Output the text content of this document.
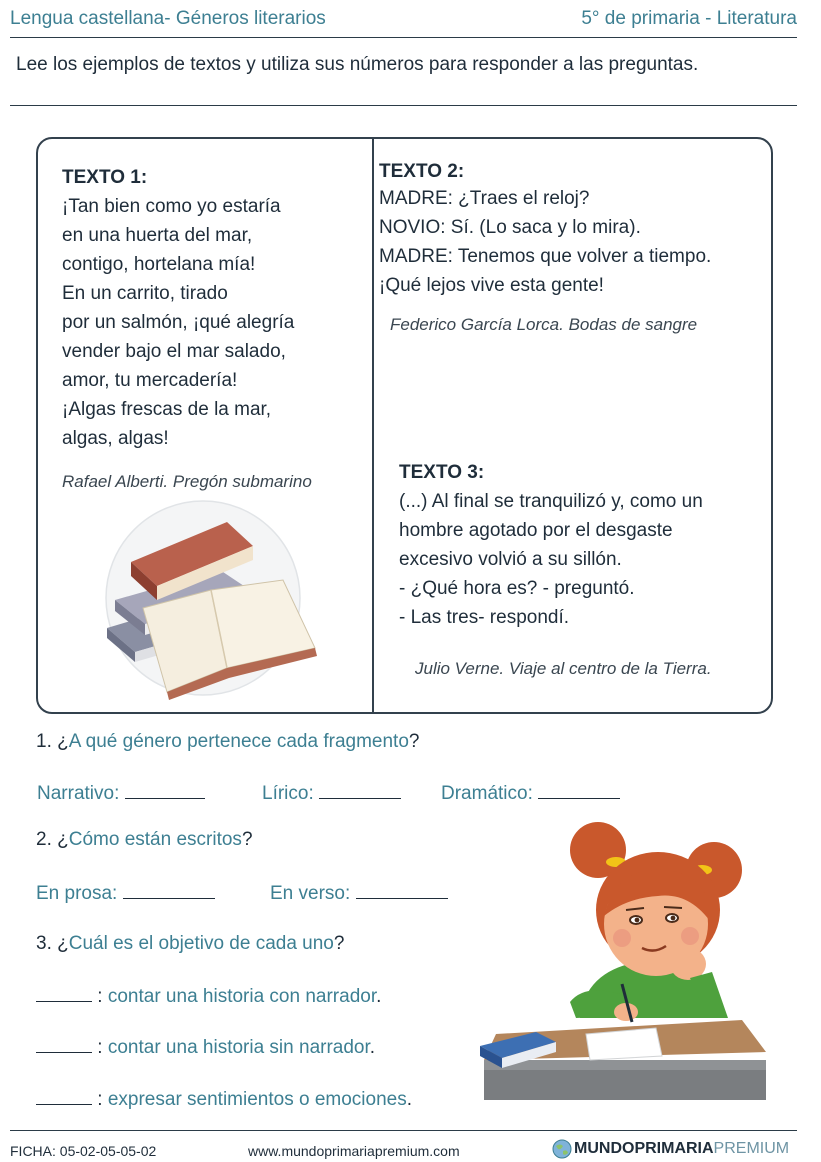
Lengua castellana- Géneros literarios	5° de primaria - Literatura
Lee los ejemplos de textos y utiliza sus números para responder a las preguntas.
TEXTO 1:
¡Tan bien como yo estaría
en una huerta del mar,
contigo, hortelana mía!
En un carrito, tirado
por un salmón, ¡qué alegría
vender bajo el mar salado,
amor, tu mercadería!
¡Algas frescas de la mar,
algas, algas!
Rafael Alberti. Pregón submarino
TEXTO 2:
MADRE: ¿Traes el reloj?
NOVIO: Sí. (Lo saca y lo mira).
MADRE: Tenemos que volver a tiempo.
¡Qué lejos vive esta gente!
Federico García Lorca. Bodas de sangre
TEXTO 3:
(...) Al final se tranquilizó y, como un
hombre agotado por el desgaste
excesivo volvió a su sillón.
- ¿Qué hora es? - preguntó.
- Las tres- respondí.
Julio Verne. Viaje al centro de la Tierra.
1. ¿A qué género pertenece cada fragmento?
Narrativo:	Lírico:	Dramático:
2. ¿Cómo están escritos?
En prosa:	En verso:
3. ¿Cuál es el objetivo de cada uno?
: contar una historia con narrador.
: contar una historia sin narrador.
: expresar sentimientos o emociones.
FICHA: 05-02-05-05-02	www.mundoprimariapremium.com	MUNDO PRIMARIA PREMIUM
